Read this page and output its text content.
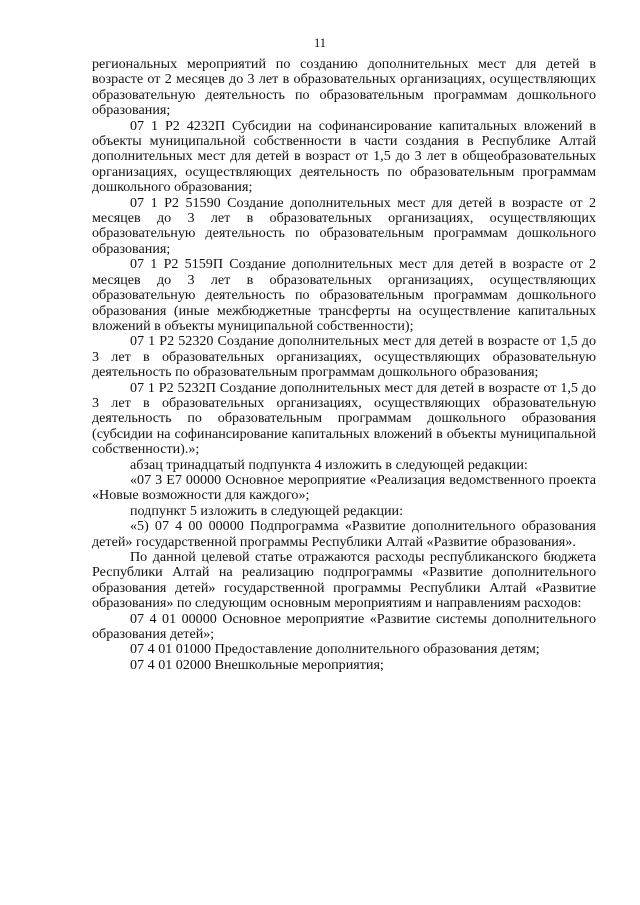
11

региональных мероприятий по созданию дополнительных мест для детей в возрасте от 2 месяцев до 3 лет в образовательных организациях, осуществляющих образовательную деятельность по образовательным программам дошкольного образования;

07 1 P2 4232П Субсидии на софинансирование капитальных вложений в объекты муниципальной собственности в части создания в Республике Алтай дополнительных мест для детей в возраст от 1,5 до 3 лет в общеобразовательных организациях, осуществляющих деятельность по образовательным программам дошкольного образования;

07 1 P2 51590 Создание дополнительных мест для детей в возрасте от 2 месяцев до 3 лет в образовательных организациях, осуществляющих образовательную деятельность по образовательным программам дошкольного образования;

07 1 P2 5159П Создание дополнительных мест для детей в возрасте от 2 месяцев до 3 лет в образовательных организациях, осуществляющих образовательную деятельность по образовательным программам дошкольного образования (иные межбюджетные трансферты на осуществление капитальных вложений в объекты муниципальной собственности);

07 1 P2 52320 Создание дополнительных мест для детей в возрасте от 1,5 до 3 лет в образовательных организациях, осуществляющих образовательную деятельность по образовательным программам дошкольного образования;

07 1 P2 5232П Создание дополнительных мест для детей в возрасте от 1,5 до 3 лет в образовательных организациях, осуществляющих образовательную деятельность по образовательным программам дошкольного образования (субсидии на софинансирование капитальных вложений в объекты муниципальной собственности).»;

абзац тринадцатый подпункта 4 изложить в следующей редакции:

«07 3 E7 00000 Основное мероприятие «Реализация ведомственного проекта «Новые возможности для каждого»;

подпункт 5 изложить в следующей редакции:

«5) 07 4 00 00000 Подпрограмма «Развитие дополнительного образования детей» государственной программы Республики Алтай «Развитие образования».

По данной целевой статье отражаются расходы республиканского бюджета Республики Алтай на реализацию подпрограммы «Развитие дополнительного образования детей» государственной программы Республики Алтай «Развитие образования» по следующим основным мероприятиям и направлениям расходов:

07 4 01 00000 Основное мероприятие «Развитие системы дополнительного образования детей»;

07 4 01 01000 Предоставление дополнительного образования детям;

07 4 01 02000 Внешкольные мероприятия;
